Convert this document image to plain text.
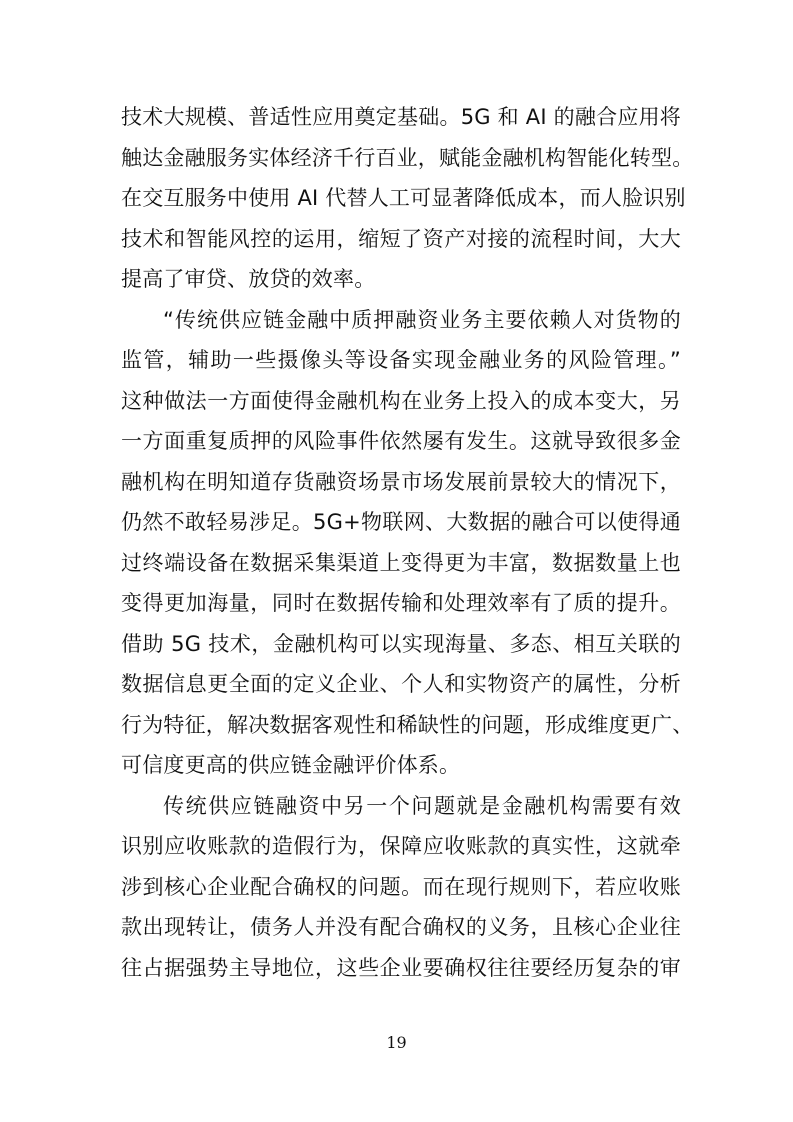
技术大规模、普适性应用奠定基础。5G 和 AI 的融合应用将
触达金融服务实体经济千行百业，赋能金融机构智能化转型。
在交互服务中使用 AI 代替人工可显著降低成本，而人脸识别
技术和智能风控的运用，缩短了资产对接的流程时间，大大
提高了审贷、放贷的效率。
“传统供应链金融中质押融资业务主要依赖人对货物的
监管，辅助一些摄像头等设备实现金融业务的风险管理。”
这种做法一方面使得金融机构在业务上投入的成本变大，另
一方面重复质押的风险事件依然屡有发生。这就导致很多金
融机构在明知道存货融资场景市场发展前景较大的情况下，
仍然不敢轻易涉足。5G+物联网、大数据的融合可以使得通
过终端设备在数据采集渠道上变得更为丰富，数据数量上也
变得更加海量，同时在数据传输和处理效率有了质的提升。
借助 5G 技术，金融机构可以实现海量、多态、相互关联的
数据信息更全面的定义企业、个人和实物资产的属性，分析
行为特征，解决数据客观性和稀缺性的问题，形成维度更广、
可信度更高的供应链金融评价体系。
传统供应链融资中另一个问题就是金融机构需要有效
识别应收账款的造假行为，保障应收账款的真实性，这就牵
涉到核心企业配合确权的问题。而在现行规则下，若应收账
款出现转让，债务人并没有配合确权的义务，且核心企业往
往占据强势主导地位，这些企业要确权往往要经历复杂的审
19
